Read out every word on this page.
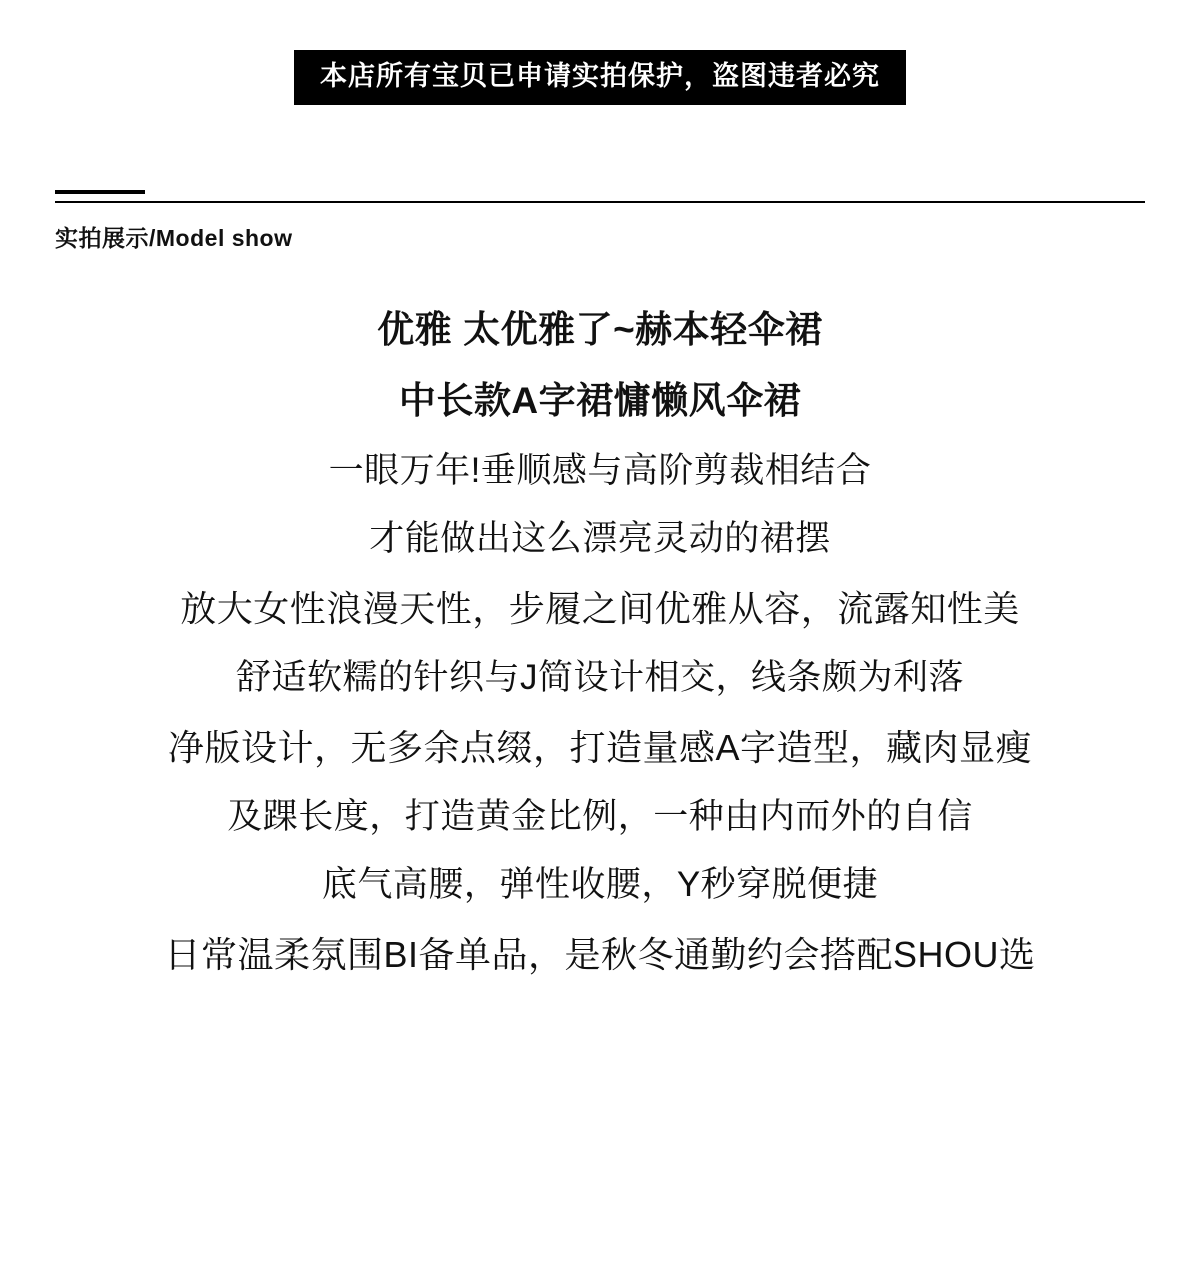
本店所有宝贝已申请实拍保护，盗图违者必究
实拍展示/Model show

优雅 太优雅了~赫本轻伞裙

中长款A字裙慵懒风伞裙

一眼万年!垂顺感与高阶剪裁相结合

才能做出这么漂亮灵动的裙摆

放大女性浪漫天性，步履之间优雅从容，流露知性美

舒适软糯的针织与J简设计相交，线条颇为利落

净版设计，无多余点缀，打造量感A字造型，藏肉显瘦

及踝长度，打造黄金比例，一种由内而外的自信

底气高腰，弹性收腰，Y秒穿脱便捷

日常温柔氛围BI备单品，是秋冬通勤约会搭配SHOU选
